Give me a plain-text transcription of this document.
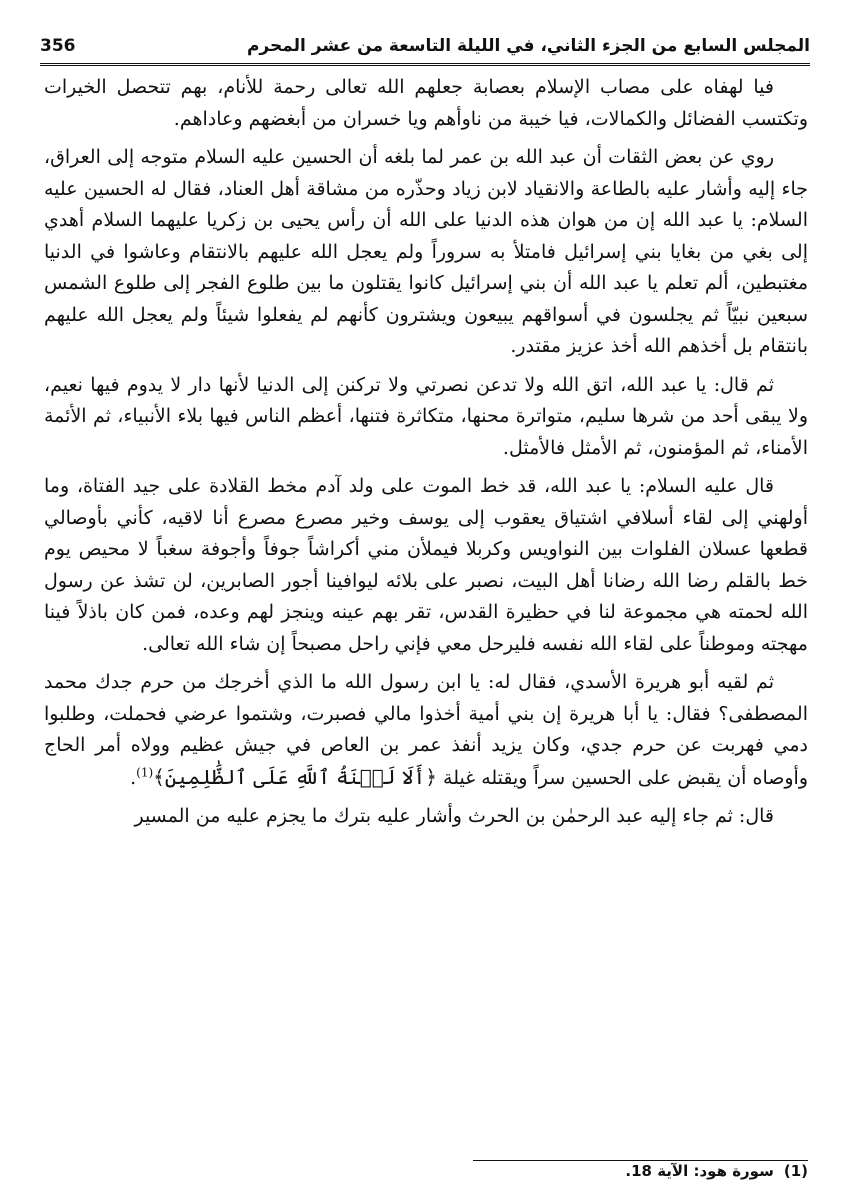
المجلس السابع من الجزء الثاني، في الليلة التاسعة من عشر المحرم
356

فيا لهفاه على مصاب الإسلام بعصابة جعلهم الله تعالى رحمة للأنام، بهم تتحصل الخيرات وتكتسب الفضائل والكمالات، فيا خيبة من ناوأهم ويا خسران من أبغضهم وعاداهم.

روي عن بعض الثقات أن عبد الله بن عمر لما بلغه أن الحسين عليه السلام متوجه إلى العراق، جاء إليه وأشار عليه بالطاعة والانقياد لابن زياد وحذّره من مشاقة أهل العناد، فقال له الحسين عليه السلام: يا عبد الله إن من هوان هذه الدنيا على الله أن رأس يحيى بن زكريا عليهما السلام أهدي إلى بغي من بغايا بني إسرائيل فامتلأ به سروراً ولم يعجل الله عليهم بالانتقام وعاشوا في الدنيا مغتبطين، ألم تعلم يا عبد الله أن بني إسرائيل كانوا يقتلون ما بين طلوع الفجر إلى طلوع الشمس سبعين نبيّاً ثم يجلسون في أسواقهم يبيعون ويشترون كأنهم لم يفعلوا شيئاً ولم يعجل الله عليهم بانتقام بل أخذهم الله أخذ عزيز مقتدر.

ثم قال: يا عبد الله، اتق الله ولا تدعن نصرتي ولا تركنن إلى الدنيا لأنها دار لا يدوم فيها نعيم، ولا يبقى أحد من شرها سليم، متواترة محنها، متكاثرة فتنها، أعظم الناس فيها بلاء الأنبياء، ثم الأئمة الأمناء، ثم المؤمنون، ثم الأمثل فالأمثل.

قال عليه السلام: يا عبد الله، قد خط الموت على ولد آدم مخط القلادة على جيد الفتاة، وما أولهني إلى لقاء أسلافي اشتياق يعقوب إلى يوسف وخير مصرع مصرع أنا لاقيه، كأني بأوصالي قطعها عسلان الفلوات بين النواويس وكربلا فيملأن مني أكراشاً جوفاً وأجوفة سغباً لا محيص يوم خط بالقلم رضا الله رضانا أهل البيت، نصبر على بلائه ليوافينا أجور الصابرين، لن تشذ عن رسول الله لحمته هي مجموعة لنا في حظيرة القدس، تقر بهم عينه وينجز لهم وعده، فمن كان باذلاً فينا مهجته وموطناً على لقاء الله نفسه فليرحل معي فإني راحل مصبحاً إن شاء الله تعالى.

ثم لقيه أبو هريرة الأسدي، فقال له: يا ابن رسول الله ما الذي أخرجك من حرم جدك محمد المصطفى؟ فقال: يا أبا هريرة إن بني أمية أخذوا مالي فصبرت، وشتموا عرضي فحملت، وطلبوا دمي فهربت عن حرم جدي، وكان يزيد أنفذ عمر بن العاص في جيش عظيم وولاه أمر الحاج وأوصاه أن يقبض على الحسين سراً ويقتله غيلة ﴿أَلَا لَعۡنَةُ ٱللَّهِ عَلَى ٱلظَّٰلِمِينَ﴾$^{(1)}$.

قال: ثم جاء إليه عبد الرحمٰن بن الحرث وأشار عليه بترك ما يجزم عليه من المسير

(1)سورة هود: الآية 18.
